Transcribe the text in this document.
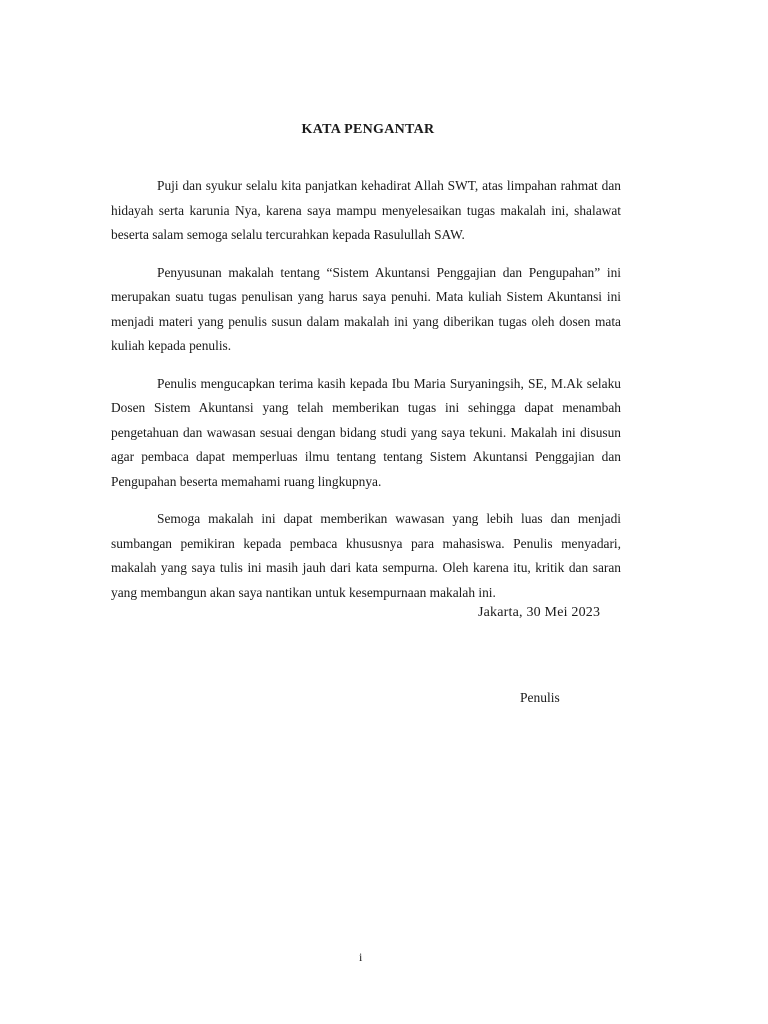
KATA PENGANTAR

Puji dan syukur selalu kita panjatkan kehadirat Allah SWT, atas limpahan rahmat dan hidayah serta karunia Nya, karena saya mampu menyelesaikan tugas makalah ini, shalawat beserta salam semoga selalu tercurahkan kepada Rasulullah SAW.

Penyusunan makalah tentang “Sistem Akuntansi Penggajian dan Pengupahan” ini merupakan suatu tugas penulisan yang harus saya penuhi. Mata kuliah Sistem Akuntansi ini menjadi materi yang penulis susun dalam makalah ini yang diberikan tugas oleh dosen mata kuliah kepada penulis.

Penulis mengucapkan terima kasih kepada Ibu Maria Suryaningsih, SE, M.Ak selaku Dosen Sistem Akuntansi yang telah memberikan tugas ini sehingga dapat menambah pengetahuan dan wawasan sesuai dengan bidang studi yang saya tekuni. Makalah ini disusun agar pembaca dapat memperluas ilmu tentang tentang Sistem Akuntansi Penggajian dan Pengupahan beserta memahami ruang lingkupnya.

Semoga makalah ini dapat memberikan wawasan yang lebih luas dan menjadi sumbangan pemikiran kepada pembaca khususnya para mahasiswa. Penulis menyadari, makalah yang saya tulis ini masih jauh dari kata sempurna. Oleh karena itu, kritik dan saran yang membangun akan saya nantikan untuk kesempurnaan makalah ini.

Jakarta, 30 Mei 2023
Penulis
i
